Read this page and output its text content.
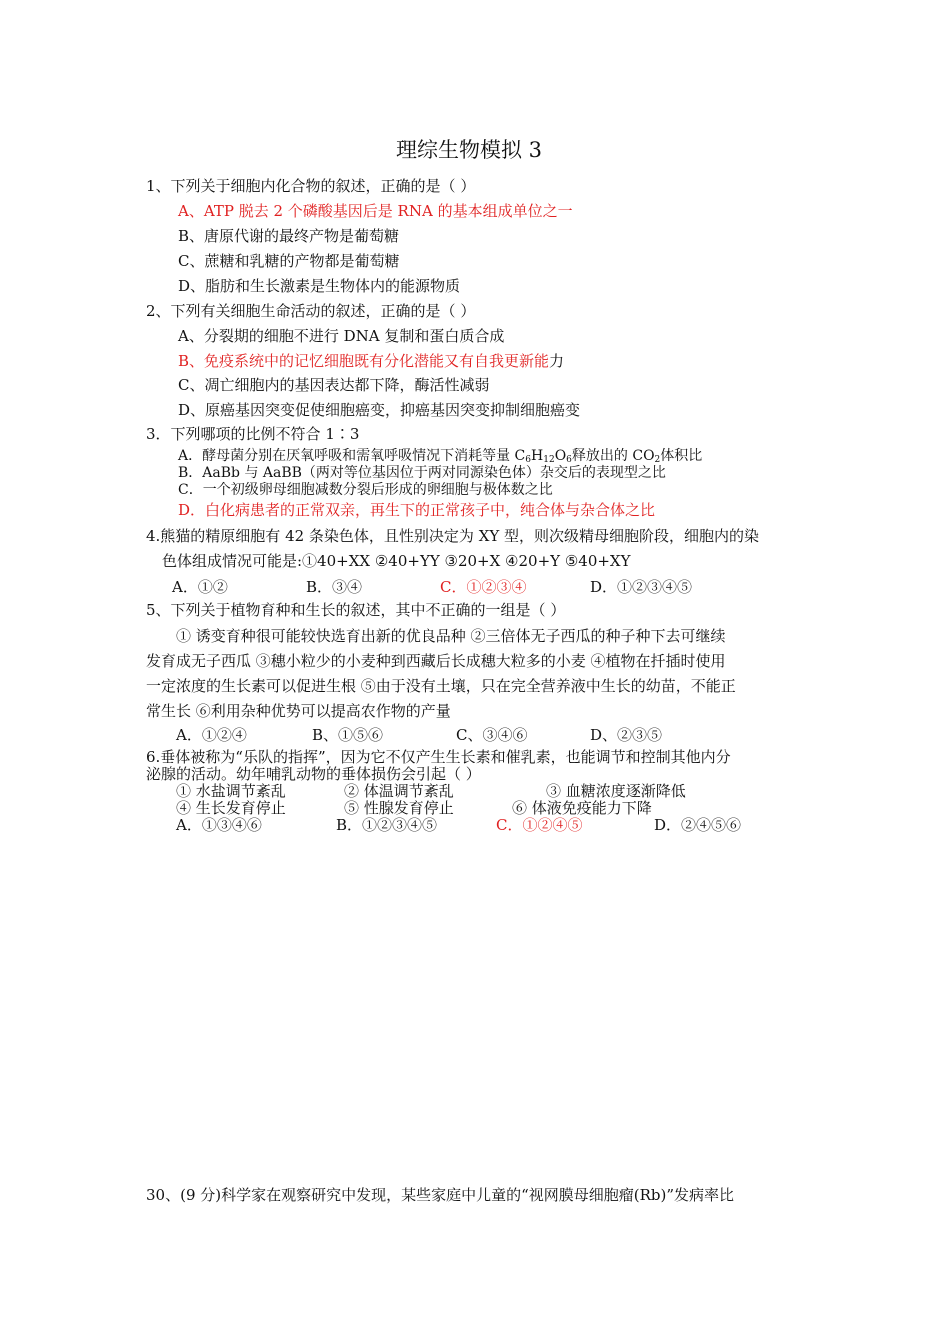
理综生物模拟 3
1、下列关于细胞内化合物的叙述，正确的是（ ）
A、ATP 脱去 2 个磷酸基因后是 RNA 的基本组成单位之一
B、唐原代谢的最终产物是葡萄糖
C、蔗糖和乳糖的产物都是葡萄糖
D、脂肪和生长激素是生物体内的能源物质
2、下列有关细胞生命活动的叙述，正确的是（ ）
A、分裂期的细胞不进行 DNA 复制和蛋白质合成
B、免疫系统中的记忆细胞既有分化潜能又有自我更新能力
C、凋亡细胞内的基因表达都下降，酶活性减弱
D、原癌基因突变促使细胞癌变，抑癌基因突变抑制细胞癌变
3．下列哪项的比例不符合 1∶3
A．酵母菌分别在厌氧呼吸和需氧呼吸情况下消耗等量 $C_6H_{12}O_6$释放出的 $CO_2$体积比
B．AaBb 与 AaBB（两对等位基因位于两对同源染色体）杂交后的表现型之比
C．一个初级卵母细胞减数分裂后形成的卵细胞与极体数之比
D．白化病患者的正常双亲，再生下的正常孩子中，纯合体与杂合体之比
4.熊猫的精原细胞有 42 条染色体，且性别决定为 XY 型，则次级精母细胞阶段，细胞内的染
色体组成情况可能是:①40+XX ②40+YY ③20+X ④20+Y ⑤40+XY
A．①②	B．③④	C．①②③④	D．①②③④⑤
5、下列关于植物育种和生长的叙述，其中不正确的一组是（ ）
① 诱变育种很可能较快选育出新的优良品种 ②三倍体无子西瓜的种子种下去可继续
发育成无子西瓜 ③穗小粒少的小麦种到西藏后长成穗大粒多的小麦 ④植物在扦插时使用
一定浓度的生长素可以促进生根 ⑤由于没有土壤，只在完全营养液中生长的幼苗，不能正
常生长 ⑥利用杂种优势可以提高农作物的产量
A．①②④	B、①⑤⑥	C、③④⑥	D、②③⑤
6.垂体被称为“乐队的指挥”，因为它不仅产生生长素和催乳素，也能调节和控制其他内分
泌腺的活动。幼年哺乳动物的垂体损伤会引起（ ）
① 水盐调节紊乱	② 体温调节紊乱	③ 血糖浓度逐渐降低
④ 生长发育停止	⑤ 性腺发育停止	⑥ 体液免疫能力下降
A．①③④⑥	B．①②③④⑤	C．①②④⑤	D．②④⑤⑥
30、(9 分)科学家在观察研究中发现，某些家庭中儿童的“视网膜母细胞瘤(Rb)”发病率比
